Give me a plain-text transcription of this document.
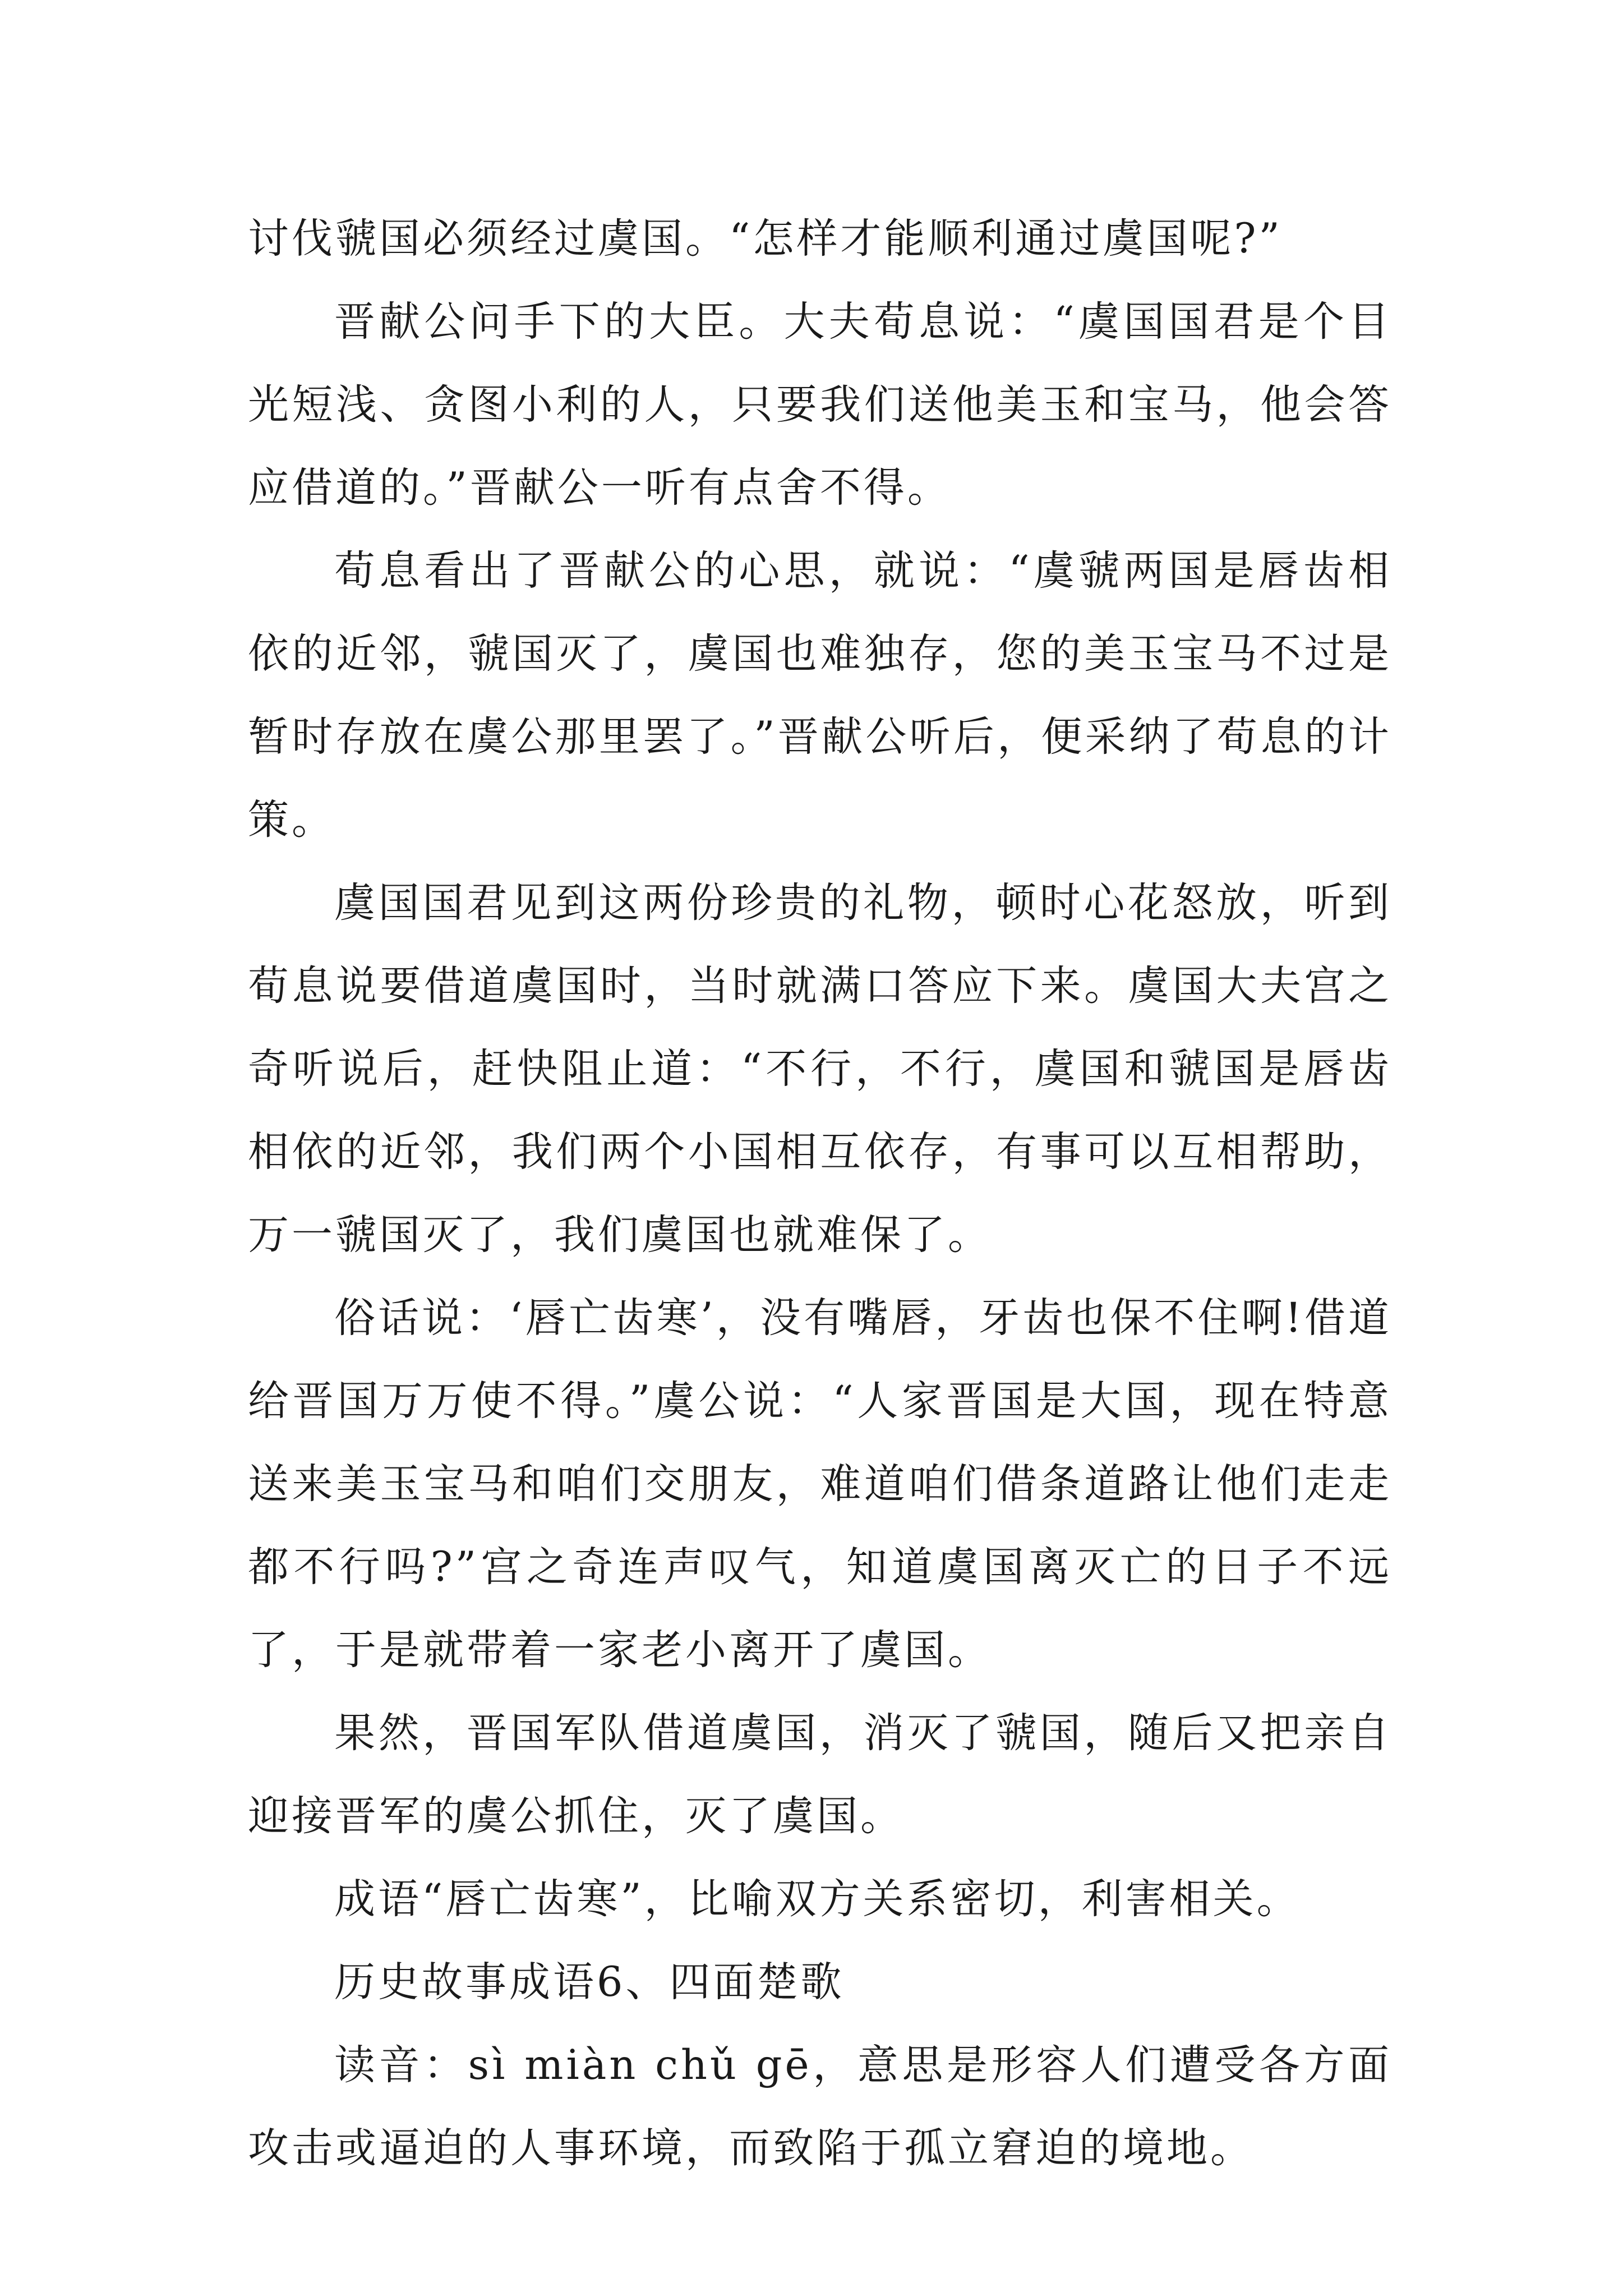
讨伐虢国必须经过虞国。“怎样才能顺利通过虞国呢?”

晋献公问手下的大臣。大夫荀息说：“虞国国君是个目光短浅、贪图小利的人，只要我们送他美玉和宝马，他会答应借道的。”晋献公一听有点舍不得。

荀息看出了晋献公的心思，就说：“虞虢两国是唇齿相依的近邻，虢国灭了，虞国也难独存，您的美玉宝马不过是暂时存放在虞公那里罢了。”晋献公听后，便采纳了荀息的计策。

虞国国君见到这两份珍贵的礼物，顿时心花怒放，听到荀息说要借道虞国时，当时就满口答应下来。虞国大夫宫之奇听说后，赶快阻止道：“不行，不行，虞国和虢国是唇齿相依的近邻，我们两个小国相互依存，有事可以互相帮助，万一虢国灭了，我们虞国也就难保了。

俗话说：‘唇亡齿寒’，没有嘴唇，牙齿也保不住啊!借道给晋国万万使不得。”虞公说：“人家晋国是大国，现在特意送来美玉宝马和咱们交朋友，难道咱们借条道路让他们走走都不行吗?”宫之奇连声叹气，知道虞国离灭亡的日子不远了，于是就带着一家老小离开了虞国。

果然，晋国军队借道虞国，消灭了虢国，随后又把亲自迎接晋军的虞公抓住，灭了虞国。

成语“唇亡齿寒”，比喻双方关系密切，利害相关。

历史故事成语6、四面楚歌

读音：sì miàn chǔ gē，意思是形容人们遭受各方面攻击或逼迫的人事环境，而致陷于孤立窘迫的境地。
